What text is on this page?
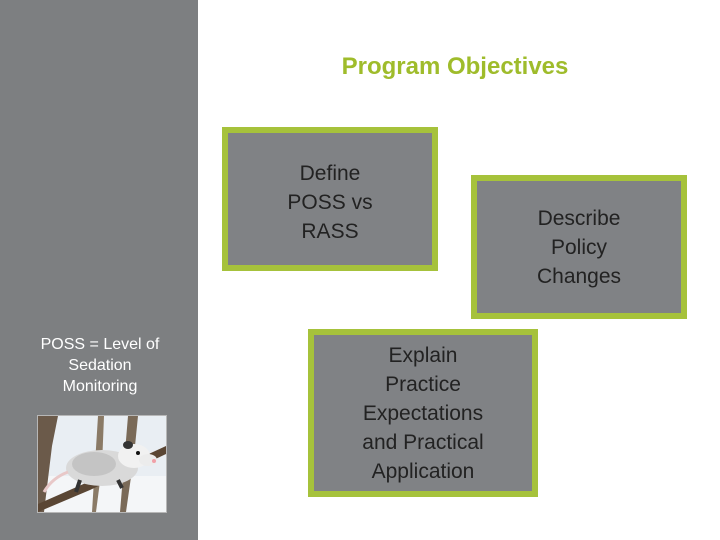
POSS = Level of
Sedation
Monitoring
Program Objectives
Define
POSS vs
RASS
Describe
Policy
Changes
Explain
Practice
Expectations
and Practical
Application
